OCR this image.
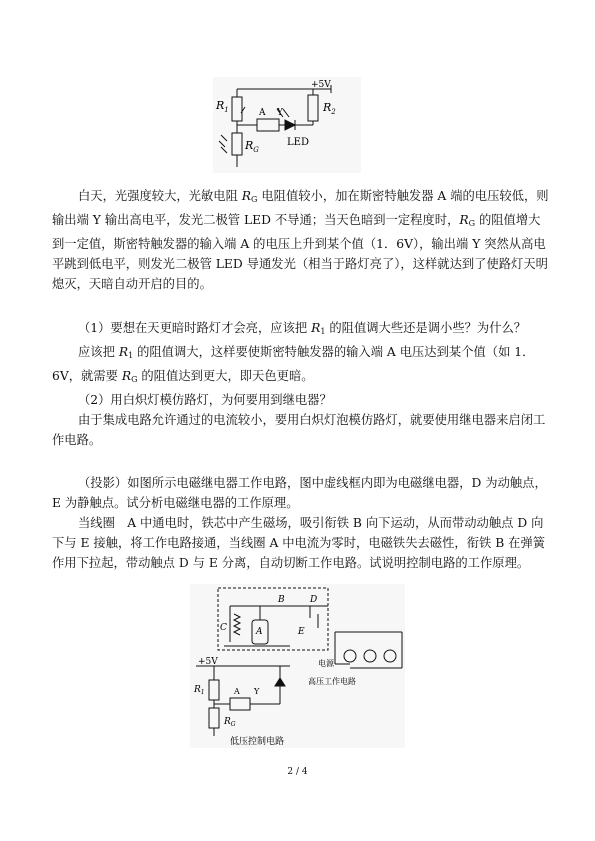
+5V
$R_1$	A Y	$R_2$
$R_G$
LED

白天，光强度较大，光敏电阻 $R_G$ 电阻值较小，加在斯密特触发器 A 端的电压较低，则输出端 Y 输出高电平，发光二极管 LED 不导通；当天色暗到一定程度时，$R_G$ 的阻值增大到一定值，斯密特触发器的输入端 A 的电压上升到某个值（1．6V），输出端 Y 突然从高电平跳到低电平，则发光二极管 LED 导通发光（相当于路灯亮了），这样就达到了使路灯天明熄灭，天暗自动开启的目的。

（1）要想在天更暗时路灯才会亮，应该把 $R_1$ 的阻值调大些还是调小些？为什么？

应该把 $R_1$ 的阻值调大，这样要使斯密特触发器的输入端 A 电压达到某个值（如 1．6V，就需要 $R_G$ 的阻值达到更大，即天色更暗。

（2）用白炽灯模仿路灯，为何要用到继电器？

由于集成电路允许通过的电流较小，要用白炽灯泡模仿路灯，就要使用继电器来启闭工作电路。

（投影）如图所示电磁继电器工作电路，图中虚线框内即为电磁继电器，D 为动触点，E 为静触点。试分析电磁继电器的工作原理。

当线圈　A 中通电时，铁芯中产生磁场，吸引衔铁 B 向下运动，从而带动动触点 D 向下与 E 接触，将工作电路接通，当线圈 A 中电流为零时，电磁铁失去磁性，衔铁 B 在弹簧作用下拉起，带动触点 D 与 E 分离，自动切断工作电路。试说明控制电路的工作原理。

B	D
C	A	E
电源
高压工作电路
+5V
$R_1$	A Y
$R_G$
低压控制电路
2 / 4
